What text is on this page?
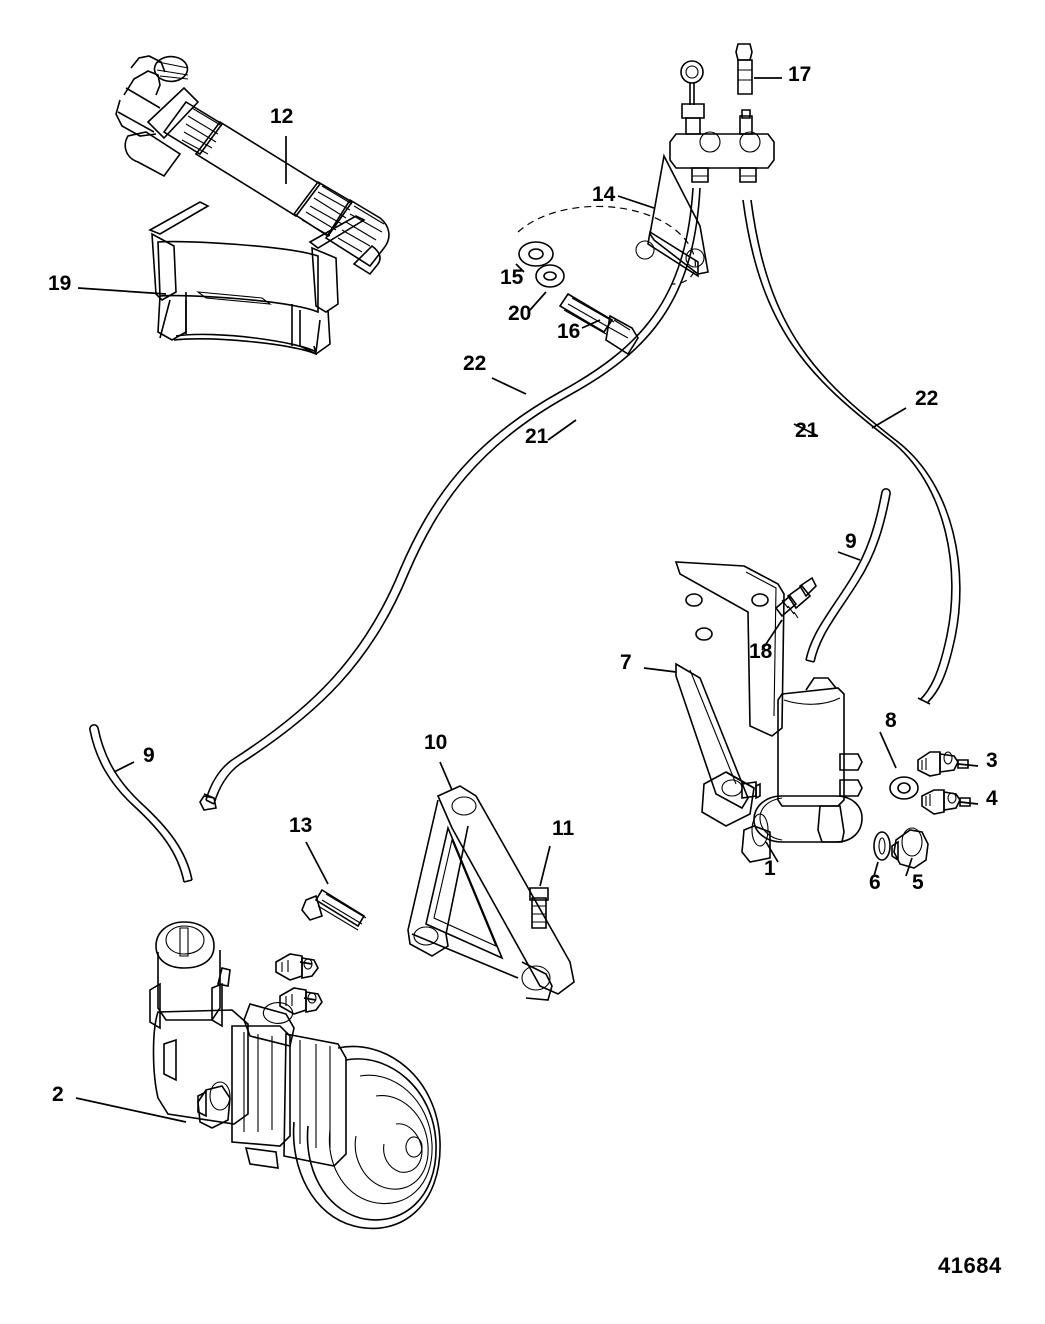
1
2
3
4
5
6
7
8
9
9
10
11
12
13
14
15
16
17
18
19
20
21	21
22
22
41684
